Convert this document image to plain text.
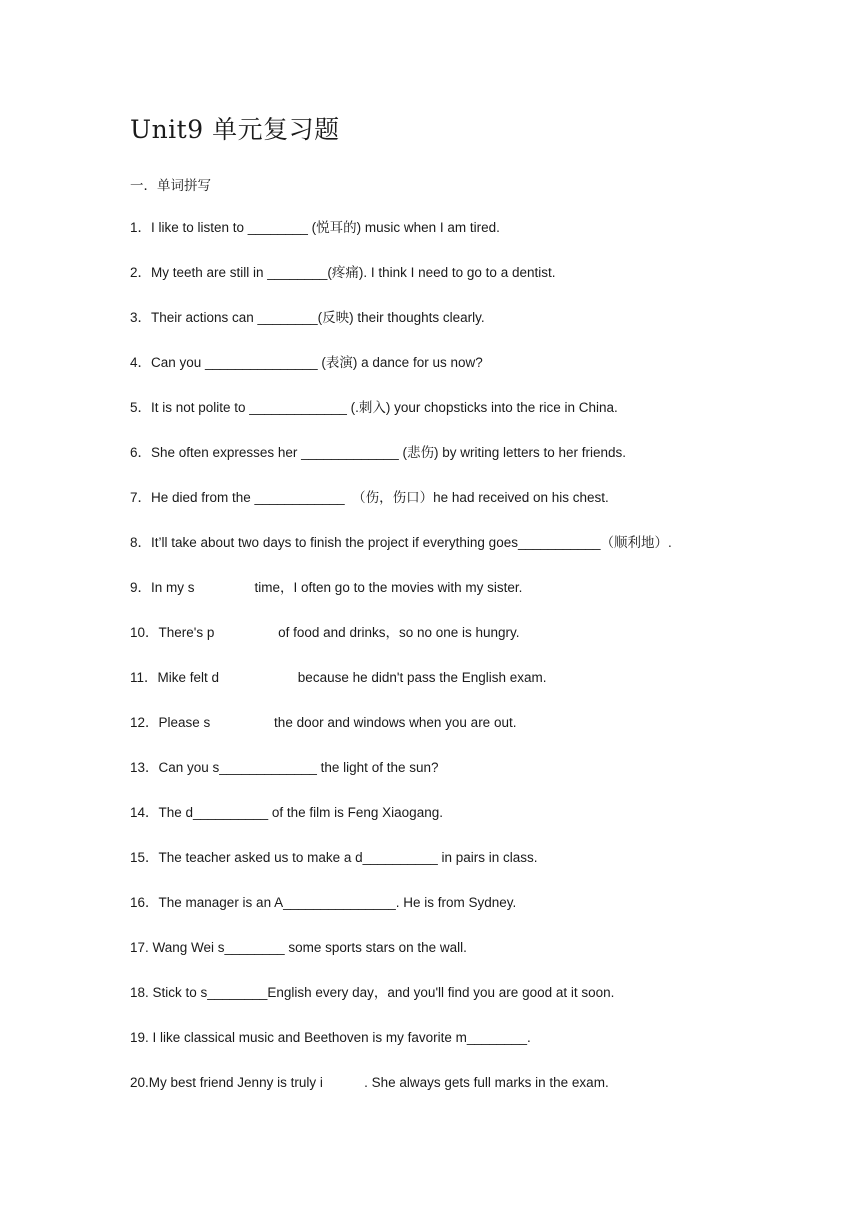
Unit9 单元复习题
一．单词拼写
1．I like to listen to ________ (悦耳的) music when I am tired.
2．My teeth are still in ________(疼痛). I think I need to go to a dentist.
3．Their actions can ________(反映) their thoughts clearly.
4．Can you _______________ (表演) a dance for us now?
5．It is not polite to _____________ (.刺入) your chopsticks into the rice in China.
6．She often expresses her _____________ (悲伤) by writing letters to her friends.
7．He died from the ____________  （伤，伤口）he had received on his chest.
8．It’ll take about two days to finish the project if everything goes___________（顺利地）.
9．In my s                time，I often go to the movies with my sister.
10．There's p                 of food and drinks，so no one is hungry.
11．Mike felt d                     because he didn't pass the English exam.
12．Please s                 the door and windows when you are out.
13．Can you s_____________ the light of the sun?
14．The d__________ of the film is Feng Xiaogang.
15．The teacher asked us to make a d__________ in pairs in class.
16．The manager is an A_______________. He is from Sydney.
17. Wang Wei s________ some sports stars on the wall.
18. Stick to s________English every day，and you'll find you are good at it soon.
19. I like classical music and Beethoven is my favorite m________.
20.My best friend Jenny is truly i           . She always gets full marks in the exam.
